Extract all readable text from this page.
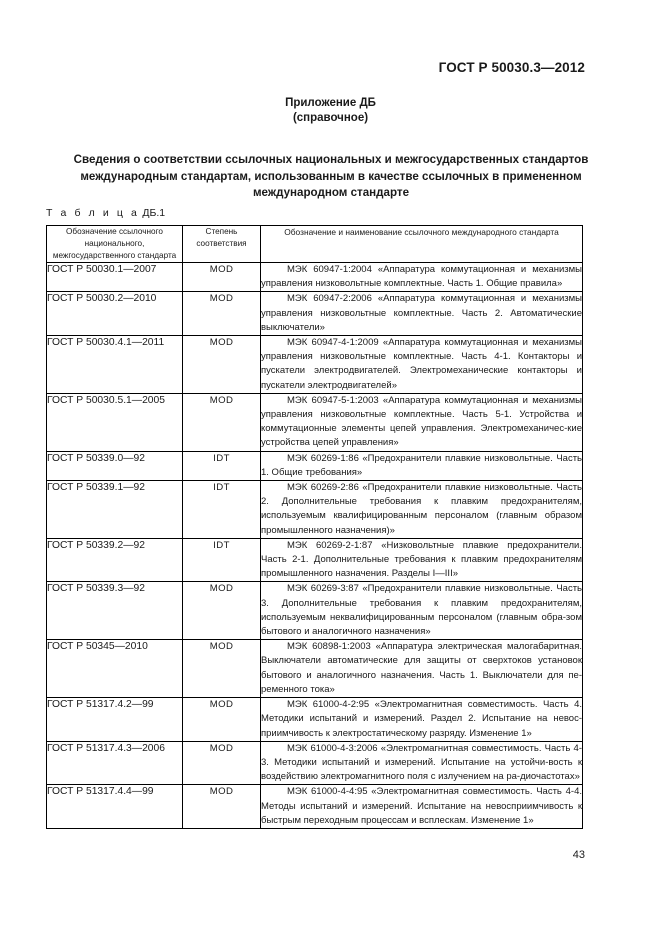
ГОСТ Р 50030.3—2012
Приложение ДБ
(справочное)
Сведения о соответствии ссылочных национальных и межгосударственных стандартов международным стандартам, использованным в качестве ссылочных в примененном международном стандарте
Т а б л и ц а ДБ.1
Обозначение ссылочного национального, межгосударственного стандарта	Степень соответствия	Обозначение и наименование ссылочного международного стандарта
ГОСТ Р 50030.1—2007	MOD	МЭК 60947-1:2004 «Аппаратура коммутационная и механизмы управления низковольтные комплектные. Часть 1. Общие правила»

ГОСТ Р 50030.2—2010	MOD	МЭК 60947-2:2006 «Аппаратура коммутационная и механизмы управления низковольтные комплектные. Часть 2. Автоматические выключатели»

ГОСТ Р 50030.4.1—2011	MOD	МЭК 60947-4-1:2009 «Аппаратура коммутационная и механизмы управления низковольтные комплектные. Часть 4-1. Контакторы и пускатели электродвигателей. Электромеханические контакторы и пускатели электродвигателей»

ГОСТ Р 50030.5.1—2005	MOD	МЭК 60947-5-1:2003 «Аппаратура коммутационная и механизмы управления низковольтные комплектные. Часть 5-1. Устройства и коммутационные элементы цепей управления. Электромеханичес-кие устройства цепей управления»

ГОСТ Р 50339.0—92	IDT	МЭК 60269-1:86 «Предохранители плавкие низковольтные. Часть 1. Общие требования»

ГОСТ Р 50339.1—92	IDT	МЭК 60269-2:86 «Предохранители плавкие низковольтные. Часть 2. Дополнительные требования к плавким предохранителям, используемым квалифицированным персоналом (главным образом промышленного назначения)»

ГОСТ Р 50339.2—92	IDT	МЭК 60269-2-1:87 «Низковольтные плавкие предохранители. Часть 2-1. Дополнительные требования к плавким предохранителям промышленного назначения. Разделы I—III»

ГОСТ Р 50339.3—92	MOD	МЭК 60269-3:87 «Предохранители плавкие низковольтные. Часть 3. Дополнительные требования к плавким предохранителям, используемым неквалифицированным персоналом (главным обра-зом бытового и аналогичного назначения»

ГОСТ Р 50345—2010	MOD	МЭК 60898-1:2003 «Аппаратура электрическая малогабаритная. Выключатели автоматические для защиты от сверхтоков установок бытового и аналогичного назначения. Часть 1. Выключатели для пе-ременного тока»

ГОСТ Р 51317.4.2—99	MOD	МЭК 61000-4-2:95 «Электромагнитная совместимость. Часть 4. Методики испытаний и измерений. Раздел 2. Испытание на невос-приимчивость к электростатическому разряду. Изменение 1»

ГОСТ Р 51317.4.3—2006	MOD	МЭК 61000-4-3:2006 «Электромагнитная совместимость. Часть 4-3. Методики испытаний и измерений. Испытание на устойчи-вость к воздействию электромагнитного поля с излучением на ра-диочастотах»

ГОСТ Р 51317.4.4—99	MOD	МЭК 61000-4-4:95 «Электромагнитная совместимость. Часть 4-4. Методы испытаний и измерений. Испытание на невосприимчивость к быстрым переходным процессам и всплескам. Изменение 1»

43
